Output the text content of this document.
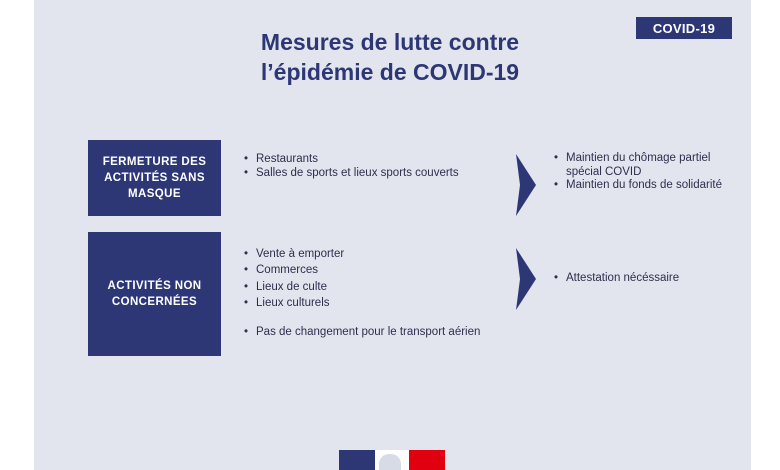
COVID-19
Mesures de lutte contre
l’épidémie de COVID-19
FERMETURE DES ACTIVITÉS SANS MASQUE
• Restaurants
• Salles de sports et lieux sports couverts
• Maintien du chômage partiel spécial COVID
• Maintien du fonds de solidarité
ACTIVITÉS NON CONCERNÉES
• Vente à emporter
• Commerces
• Lieux de culte
• Lieux culturels
• Pas de changement pour le transport aérien
• Attestation nécéssaire
